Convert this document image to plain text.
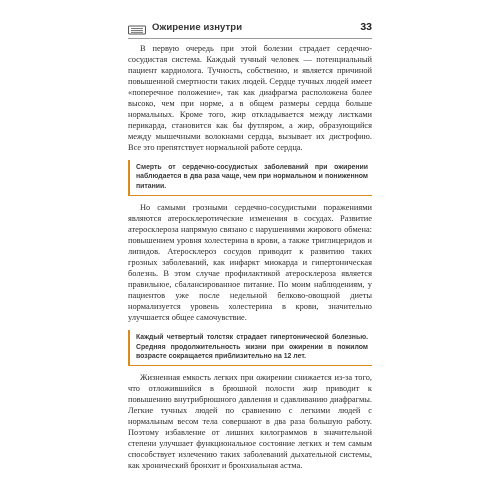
Ожирение изнутри	33

В первую очередь при этой болезни страдает сердечно-сосудистая система. Каждый тучный человек — потенциальный пациент кардиолога. Тучность, собственно, и является причиной повышенной смертности таких людей. Сердце тучных людей имеет «поперечное положение», так как диафрагма расположена более высоко, чем при норме, а в общем размеры сердца больше нормальных. Кроме того, жир откладывается между листками перикарда, становится как бы футляром, а жир, образующийся между мышечными волокнами сердца, вызывает их дистрофию. Все это препятствует нормальной работе сердца.

Смерть от сердечно-сосудистых заболеваний при ожирении наблюдается в два раза чаще, чем при нормальном и пониженном питании.

Но самыми грозными сердечно-сосудистыми поражениями являются атеросклеротические изменения в сосудах. Развитие атеросклероза напрямую связано с нарушениями жирового обмена: повышением уровня холестерина в крови, а также триглицеридов и липидов. Атеросклероз сосудов приводит к развитию таких грозных заболеваний, как инфаркт миокарда и гипертоническая болезнь. В этом случае профилактикой атеросклероза является правильное, сбалансированное питание. По моим наблюдениям, у пациентов уже после недельной белково-овощной диеты нормализуется уровень холестерина в крови, значительно улучшается общее самочувствие.

Каждый четвертый толстяк страдает гипертонической болезнью. Средняя продолжительность жизни при ожирении в пожилом возрасте сокращается приблизительно на 12 лет.

Жизненная емкость легких при ожирении снижается из-за того, что отложившийся в брюшной полости жир приводит к повышению внутрибрюшного давления и сдавливанию диафрагмы. Легкие тучных людей по сравнению с легкими людей с нормальным весом тела совершают в два раза большую работу. Поэтому избавление от лишних килограммов в значительной степени улучшает функциональное состояние легких и тем самым способствует излечению таких заболеваний дыхательной системы, как хронический бронхит и бронхиальная астма.
